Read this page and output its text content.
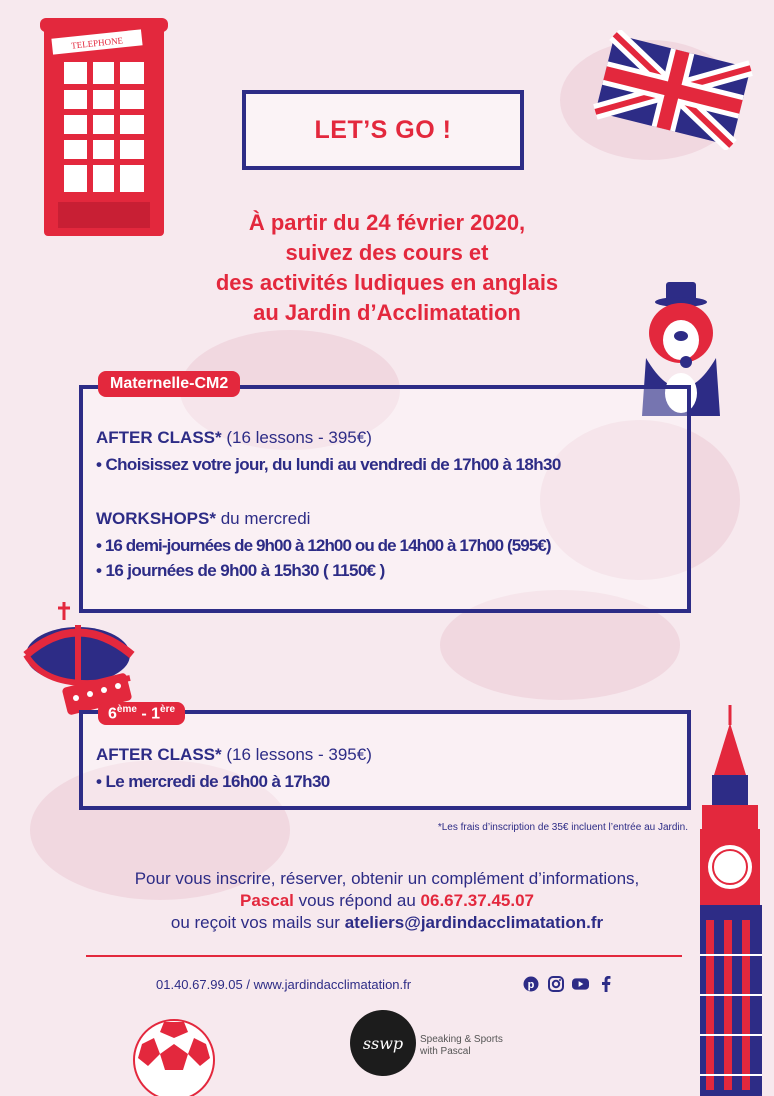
TELEPHONE
LET’S GO !
À partir du 24 février 2020,
suivez des cours et
des activités ludiques en anglais
au Jardin d’Acclimatation
Maternelle-CM2
AFTER CLASS* (16 lessons - 395€)
• Choisissez votre jour, du lundi au vendredi de 17h00 à 18h30
WORKSHOPS* du mercredi
• 16 demi-journées de 9h00 à 12h00 ou de 14h00 à 17h00 (595€)
• 16 journées de 9h00 à 15h30 ( 1150€ )
6ème - 1ère
AFTER CLASS* (16 lessons - 395€)
• Le mercredi de 16h00 à 17h30
*Les frais d’inscription de 35€ incluent l’entrée au Jardin.
Pour vous inscrire, réserver, obtenir un complément d’informations,
Pascal vous répond au 06.67.37.45.07
ou reçoit vos mails sur ateliers@jardindacclimatation.fr
01.40.67.99.05 / www.jardindacclimatation.fr	p
sswp Speaking & Sports
with Pascal
